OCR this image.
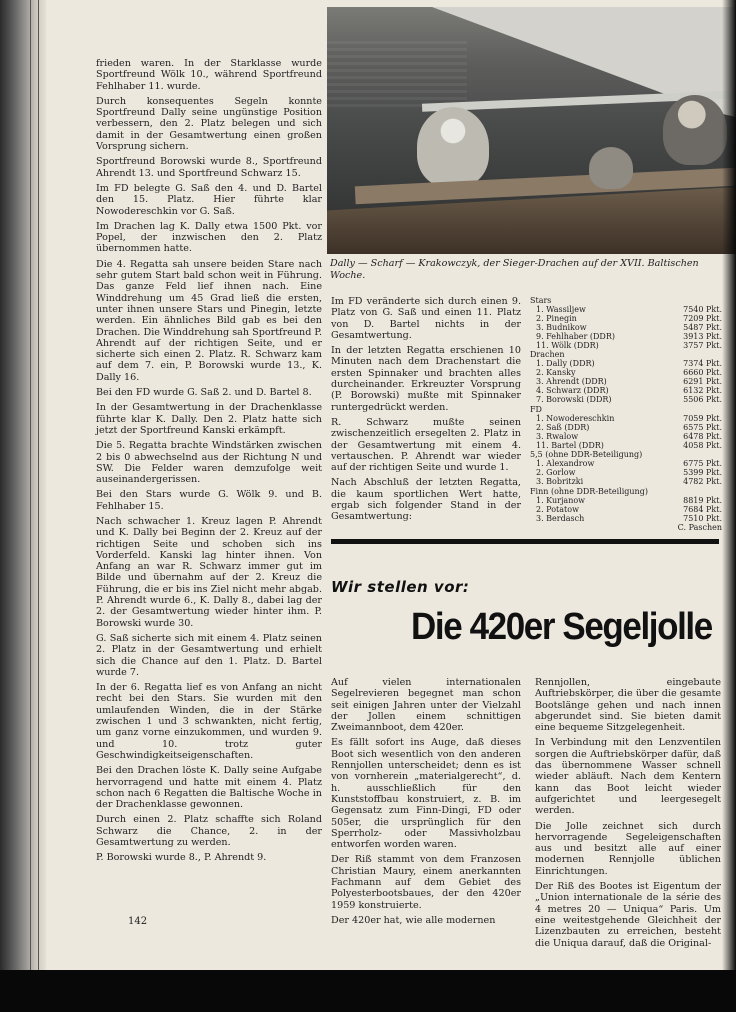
frieden waren. In der Starklasse wurde Sportfreund Wölk 10., während Sportfreund Fehlhaber 11. wurde.

Durch konsequentes Segeln konnte Sportfreund Dally seine ungünstige Position verbessern, den 2. Platz belegen und sich damit in der Gesamtwertung einen großen Vorsprung sichern.

Sportfreund Borowski wurde 8., Sportfreund Ahrendt 13. und Sportfreund Schwarz 15.

Im FD belegte G. Saß den 4. und D. Bartel den 15. Platz. Hier führte klar Nowodereschkin vor G. Saß.

Im Drachen lag K. Dally etwa 1500 Pkt. vor Popel, der inzwischen den 2. Platz übernommen hatte.

Die 4. Regatta sah unsere beiden Stare nach sehr gutem Start bald schon weit in Führung. Das ganze Feld lief ihnen nach. Eine Winddrehung um 45 Grad ließ die ersten, unter ihnen unsere Stars und Pinegin, letzte werden. Ein ähnliches Bild gab es bei den Drachen. Die Winddrehung sah Sportfreund P. Ahrendt auf der richtigen Seite, und er sicherte sich einen 2. Platz. R. Schwarz kam auf dem 7. ein, P. Borowski wurde 13., K. Dally 16.

Bei den FD wurde G. Saß 2. und D. Bartel 8.

In der Gesamtwertung in der Drachenklasse führte klar K. Dally. Den 2. Platz hatte sich jetzt der Sportfreund Kanski erkämpft.

Die 5. Regatta brachte Windstärken zwischen 2 bis 0 abwechselnd aus der Richtung N und SW. Die Felder waren demzufolge weit auseinandergerissen.

Bei den Stars wurde G. Wölk 9. und B. Fehlhaber 15.

Nach schwacher 1. Kreuz lagen P. Ahrendt und K. Dally bei Beginn der 2. Kreuz auf der richtigen Seite und schoben sich ins Vorderfeld. Kanski lag hinter ihnen. Von Anfang an war R. Schwarz immer gut im Bilde und übernahm auf der 2. Kreuz die Führung, die er bis ins Ziel nicht mehr abgab. P. Ahrendt wurde 6., K. Dally 8., dabei lag der 2. der Gesamtwertung wieder hinter ihm. P. Borowski wurde 30.

G. Saß sicherte sich mit einem 4. Platz seinen 2. Platz in der Gesamtwertung und erhielt sich die Chance auf den 1. Platz. D. Bartel wurde 7.

In der 6. Regatta lief es von Anfang an nicht recht bei den Stars. Sie wurden mit den umlaufenden Winden, die in der Stärke zwischen 1 und 3 schwankten, nicht fertig, um ganz vorne einzukommen, und wurden 9. und 10. trotz guter Geschwindigkeitseigenschaften.

Bei den Drachen löste K. Dally seine Aufgabe hervorragend und hatte mit einem 4. Platz schon nach 6 Regatten die Baltische Woche in der Drachenklasse gewonnen.

Durch einen 2. Platz schaffte sich Roland Schwarz die Chance, 2. in der Gesamtwertung zu werden.

P. Borowski wurde 8., P. Ahrendt 9.

Dally — Scharf — Krakowczyk, der Sieger-Drachen auf der XVII. Baltischen Woche.

Im FD veränderte sich durch einen 9. Platz von G. Saß und einen 11. Platz von D. Bartel nichts in der Gesamtwertung.

In der letzten Regatta erschienen 10 Minuten nach dem Drachenstart die ersten Spinnaker und brachten alles durcheinander. Erkreuzter Vorsprung (P. Borowski) mußte mit Spinnaker runtergedrückt werden.

R. Schwarz mußte seinen zwischenzeitlich ersegelten 2. Platz in der Gesamtwertung mit einem 4. vertauschen. P. Ahrendt war wieder auf der richtigen Seite und wurde 1.

Nach Abschluß der letzten Regatta, die kaum sportlichen Wert hatte, ergab sich folgender Stand in der Gesamtwertung:

Stars
1. Wassiljew	7540 Pkt.
2. Pinegin	7209 Pkt.
3. Budnikow	5487 Pkt.
9. Fehlhaber (DDR)	3913 Pkt.
11. Wölk (DDR)	3757 Pkt.
Drachen
1. Dally (DDR)	7374 Pkt.
2. Kansky	6660 Pkt.
3. Ahrendt (DDR)	6291 Pkt.
4. Schwarz (DDR)	6132 Pkt.
7. Borowski (DDR)	5506 Pkt.
FD
1. Nowodereschkin	7059 Pkt.
2. Saß (DDR)	6575 Pkt.
3. Rwalow	6478 Pkt.
11. Bartel (DDR)	4058 Pkt.
5,5 (ohne DDR-Beteiligung)
1. Alexandrow	6775 Pkt.
2. Gorlow	5399 Pkt.
3. Bobritzki	4782 Pkt.
Finn (ohne DDR-Beteiligung)
1. Kurjanow	8819 Pkt.
2. Potatow	7684 Pkt.
3. Berdasch	7510 Pkt.
C. Paschen
Wir stellen vor:
Die 420er Segeljolle

Auf vielen internationalen Segelrevieren begegnet man schon seit einigen Jahren unter der Vielzahl der Jollen einem schnittigen Zweimannboot, dem 420er.

Es fällt sofort ins Auge, daß dieses Boot sich wesentlich von den anderen Rennjollen unterscheidet; denn es ist von vornherein „materialgerecht“, d. h. ausschließlich für den Kunststoffbau konstruiert, z. B. im Gegensatz zum Finn-Dingi, FD oder 505er, die ursprünglich für den Sperrholz- oder Massivholzbau entworfen worden waren.

Der Riß stammt von dem Franzosen Christian Maury, einem anerkannten Fachmann auf dem Gebiet des Polyesterbootsbaues, der den 420er 1959 konstruierte.

Der 420er hat, wie alle modernen

Rennjollen, eingebaute Auftriebskörper, die über die gesamte Bootslänge gehen und nach innen abgerundet sind. Sie bieten damit eine bequeme Sitzgelegenheit.

In Verbindung mit den Lenzventilen sorgen die Auftriebskörper dafür, daß das übernommene Wasser schnell wieder abläuft. Nach dem Kentern kann das Boot leicht wieder aufgerichtet und leergesegelt werden.

Die Jolle zeichnet sich durch hervorragende Segeleigenschaften aus und besitzt alle auf einer modernen Rennjolle üblichen Einrichtungen.

Der Riß des Bootes ist Eigentum der „Union internationale de la série des 4 metres 20 — Uniqua“ Paris. Um eine weitestgehende Gleichheit der Lizenzbauten zu erreichen, besteht die Uniqua darauf, daß die Original-

142
